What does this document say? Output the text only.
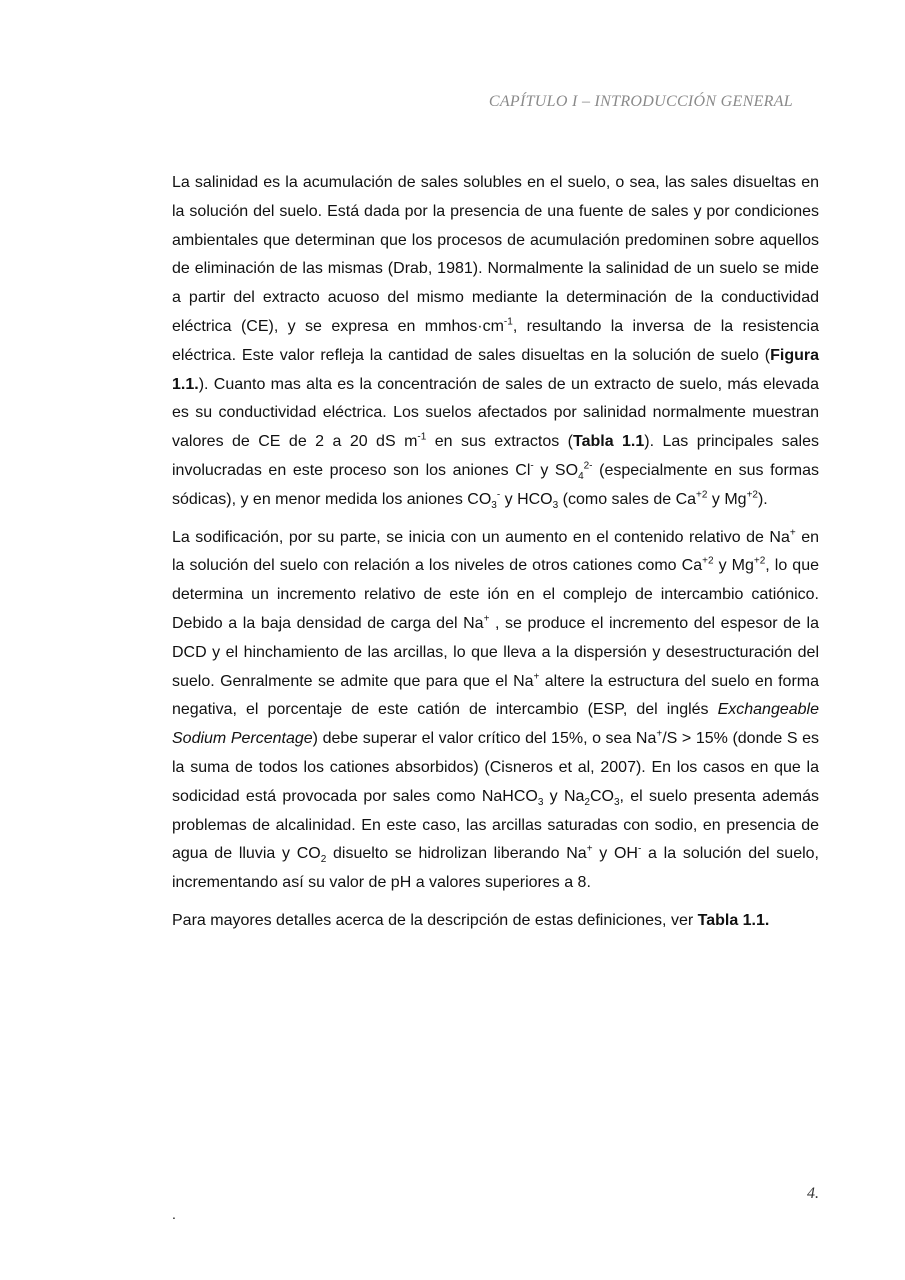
CAPÍTULO I – INTRODUCCIÓN GENERAL

La salinidad es la acumulación de sales solubles en el suelo, o sea, las sales disueltas en la solución del suelo. Está dada por la presencia de una fuente de sales y por condiciones ambientales que determinan que los procesos de acumulación predominen sobre aquellos de eliminación de las mismas (Drab, 1981). Normalmente la salinidad de un suelo se mide a partir del extracto acuoso del mismo mediante la determinación de la conductividad eléctrica (CE), y se expresa en $mmhos\cdot cm^{-1}$, resultando la inversa de la resistencia eléctrica. Este valor refleja la cantidad de sales disueltas en la solución de suelo (Figura 1.1.). Cuanto mas alta es la concentración de sales de un extracto de suelo, más elevada es su conductividad eléctrica. Los suelos afectados por salinidad normalmente muestran valores de CE de 2 a 20 dS $m^{-1}$ en sus extractos (Tabla 1.1). Las principales sales involucradas en este proceso son los aniones Cl- y $SO_4^{2-}$ (especialmente en sus formas sódicas), y en menor medida los aniones $CO_3^-$ y $HCO_3$ (como sales de $Ca^{+2}$ y $Mg^{+2}$).

La sodificación, por su parte, se inicia con un aumento en el contenido relativo de Na+ en la solución del suelo con relación a los niveles de otros cationes como $Ca^{+2}$ y $Mg^{+2}$, lo que determina un incremento relativo de este ión en el complejo de intercambio catiónico. Debido a la baja densidad de carga del Na+ , se produce el incremento del espesor de la DCD y el hinchamiento de las arcillas, lo que lleva a la dispersión y desestructuración del suelo. Genralmente se admite que para que el Na+ altere la estructura del suelo en forma negativa, el porcentaje de este catión de intercambio (ESP, del inglés Exchangeable Sodium Percentage) debe superar el valor crítico del 15%, o sea Na+/S > 15% (donde S es la suma de todos los cationes absorbidos) (Cisneros et al, 2007). En los casos en que la sodicidad está provocada por sales como NaHCO$_3$ y $Na_2CO_3$, el suelo presenta además problemas de alcalinidad. En este caso, las arcillas saturadas con sodio, en presencia de agua de lluvia y $CO_2$ disuelto se hidrolizan liberando Na+ y OH- a la solución del suelo, incrementando así su valor de pH a valores superiores a 8.

Para mayores detalles acerca de la descripción de estas definiciones, ver Tabla 1.1.

4.
.
